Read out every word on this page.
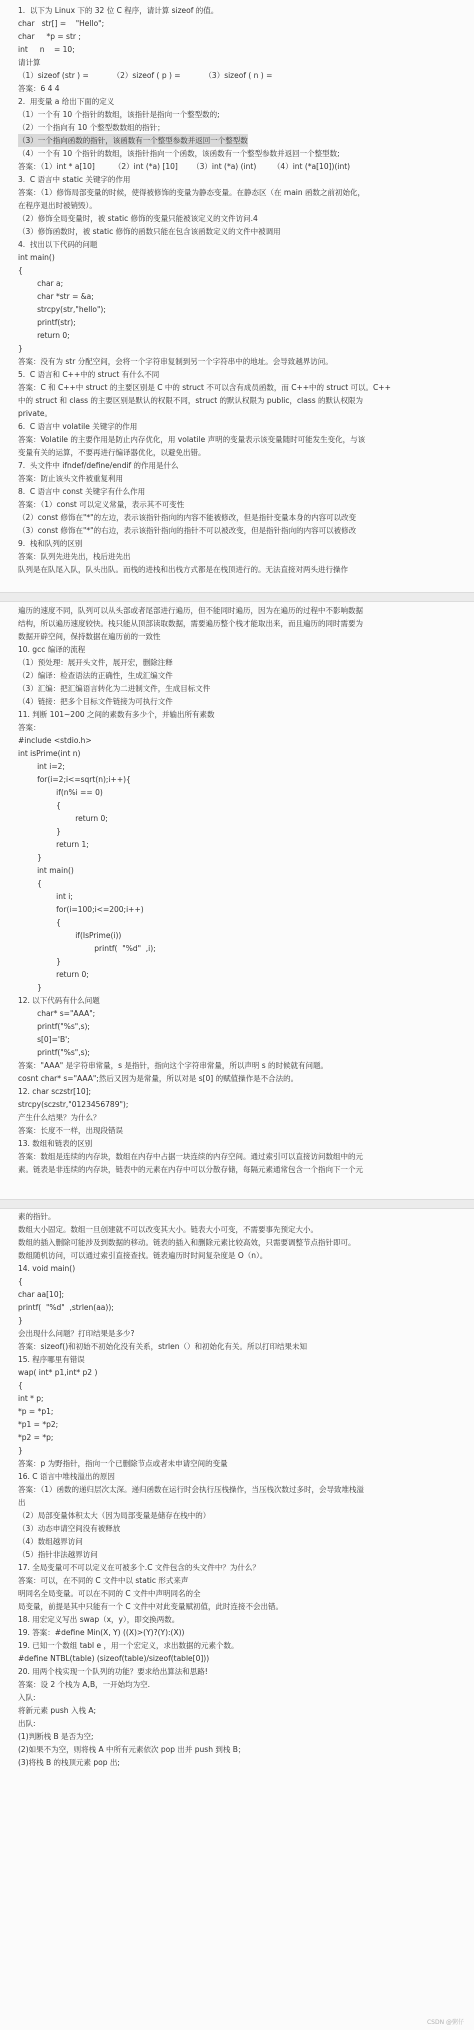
1.  以下为 Linux 下的 32 位 C 程序，请计算 sizeof 的值。
char   str[] =    "Hello";
char     *p = str ;
int     n    = 10;
请计算
（1）sizeof (str ) =          （2）sizeof ( p ) =          （3）sizeof ( n ) =
答案：6 4 4
2.  用变量 a 给出下面的定义
（1）一个有 10 个指针的数组，该指针是指向一个整型数的;
（2）一个指向有 10 个整型数数组的指针；
（3）一个指向函数的指针，该函数有一个整型参数并返回一个整型数
（4）一个有 10 个指针的数组，该指针指向一个函数，该函数有一个整型参数并返回一个整型数;
答案：（1）int * a[10]        （2）int (*a) [10]      （3）int (*a) (int)       （4）int (*a[10])(int)
3.  C 语言中 static 关键字的作用
答案：（1）修饰局部变量的时候，使得被修饰的变量为静态变量。在静态区（在 main 函数之前初始化，
在程序退出时被销毁）。
（2）修饰全局变量时，被 static 修饰的变量只能被该定义的文件访问.4
（3）修饰函数时，被 static 修饰的函数只能在包含该函数定义的文件中被调用
4.  找出以下代码的问题
int main()
{
char a;
char *str = &a;
strcpy(str,"hello");
printf(str);
return 0;
}
答案：没有为 str 分配空间，会将一个字符串复制到另一个字符串中的地址。会导致越界访问。
5.  C 语言和 C++中的 struct 有什么不同
答案：C 和 C++中 struct 的主要区别是 C 中的 struct 不可以含有成员函数，而 C++中的 struct 可以。C++
中的 struct 和 class 的主要区别是默认的权限不同，struct 的默认权限为 public，class 的默认权限为
private。
6.  C 语言中 volatile 关键字的作用
答案：Volatile 的主要作用是防止内存优化，用 volatile 声明的变量表示该变量随时可能发生变化，与该
变量有关的运算，不要再进行编译器优化，以避免出错。
7.  头文件中 ifndef/define/endif 的作用是什么
答案：防止该头文件被重复利用
8.  C 语言中 const 关键字有什么作用
答案：（1）const 可以定义常量，表示其不可变性
（2）const 修饰在"*"的左边，表示该指针指向的内容不能被修改，但是指针变量本身的内容可以改变
（3）const 修饰在"*"的右边，表示该指针指向的指针不可以被改变，但是指针指向的内容可以被修改
9.  栈和队列的区别
答案：队列先进先出，栈后进先出
队列是在队尾入队，队头出队。而栈的进栈和出栈方式都是在栈顶进行的。无法直接对两头进行操作
遍历的速度不同，队列可以从头部或者尾部进行遍历，但不能同时遍历，因为在遍历的过程中不影响数据
结构，所以遍历速度较快。栈只能从顶部读取数据，需要遍历整个栈才能取出来，而且遍历的同时需要为
数据开辟空间，保持数据在遍历前的一致性
10. gcc 编译的流程
（1）预处理：展开头文件，展开宏，删除注释
（2）编译：检查语法的正确性，生成汇编文件
（3）汇编：把汇编语言转化为二进制文件，生成目标文件
（4）链接：把多个目标文件链接为可执行文件
11. 判断 101~200 之间的素数有多少个，并输出所有素数
答案：
#include <stdio.h>
int isPrime(int n)
int i=2;
for(i=2;i<=sqrt(n);i++){
if(n%i == 0)
{
return 0;
}
return 1;
}
int main()
{
int i;
for(i=100;i<=200;i++)
{
if(IsPrime(i))
printf(  "%d"  ,i);
}
return 0;
}
12. 以下代码有什么问题
char* s="AAA";
printf("%s",s);
s[0]='B';
printf("%s",s);
答案："AAA" 是字符串常量，s 是指针，指向这个字符串常量，所以声明 s 的时候就有问题。
cosnt char* s="AAA";然后又因为是常量，所以对是 s[0] 的赋值操作是不合法的。
12. char sczstr[10];
strcpy(sczstr,"0123456789");
产生什么结果？为什么？
答案：长度不一样，出现段错误
13. 数组和链表的区别
答案：数组是连续的内存块，数组在内存中占据一块连续的内存空间。通过索引可以直接访问数组中的元
素。链表是非连续的内存块，链表中的元素在内存中可以分散存储，每隔元素通常包含一个指向下一个元
素的指针。
数组大小固定。数组一旦创建就不可以改变其大小。链表大小可变，不需要事先预定大小。
数组的插入删除可能涉及到数据的移动。链表的插入和删除元素比较高效，只需要调整节点指针即可。
数组随机访问，可以通过索引直接查找。链表遍历时时间复杂度是 O（n）。
14. void main()
{
char aa[10];
printf(  "%d"  ,strlen(aa));
}
会出现什么问题？打印结果是多少?
答案：sizeof()和初始不初始化没有关系，strlen（）和初始化有关。所以打印结果未知
15. 程序哪里有错误
wap( int* p1,int* p2 )
{
int * p;
*p = *p1;
*p1 = *p2;
*p2 = *p;
}
答案：p 为野指针，指向一个已删除节点或者未申请空间的变量
16. C 语言中堆栈溢出的原因
答案：（1）函数的递归层次太深。递归函数在运行时会执行压栈操作，当压栈次数过多时，会导致堆栈溢
出
（2）局部变量体积太大（因为局部变量是储存在栈中的）
（3）动态申请空间没有被释放
（4）数组越界访问
（5）指针非法越界访问
17. 全局变量可不可以定义在可被多个.C 文件包含的头文件中？为什么？
答案：可以，在不同的 C 文件中以 static 形式来声
明同名全局变量。可以在不同的 C 文件中声明同名的全
局变量，前提是其中只能有一个 C 文件中对此变量赋初值，此时连接不会出错。
18. 用宏定义写出 swap（x，y），即交换两数。
19. 答案：#define Min(X, Y) ((X)>(Y)?(Y):(X))
19. 已知一个数组 tabl e ，用一个宏定义，求出数据的元素个数。
#define NTBL(table) (sizeof(table)/sizeof(table[0]))
20. 用两个栈实现一个队列的功能？要求给出算法和思路!
答案：设 2 个栈为 A,B，一开始均为空.
入队:
将新元素 push 入栈 A;
出队:
(1)判断栈 B 是否为空;
(2)如果不为空，则将栈 A 中所有元素依次 pop 出并 push 到栈 B；
(3)将栈 B 的栈顶元素 pop 出;
CSDN @粥仔
